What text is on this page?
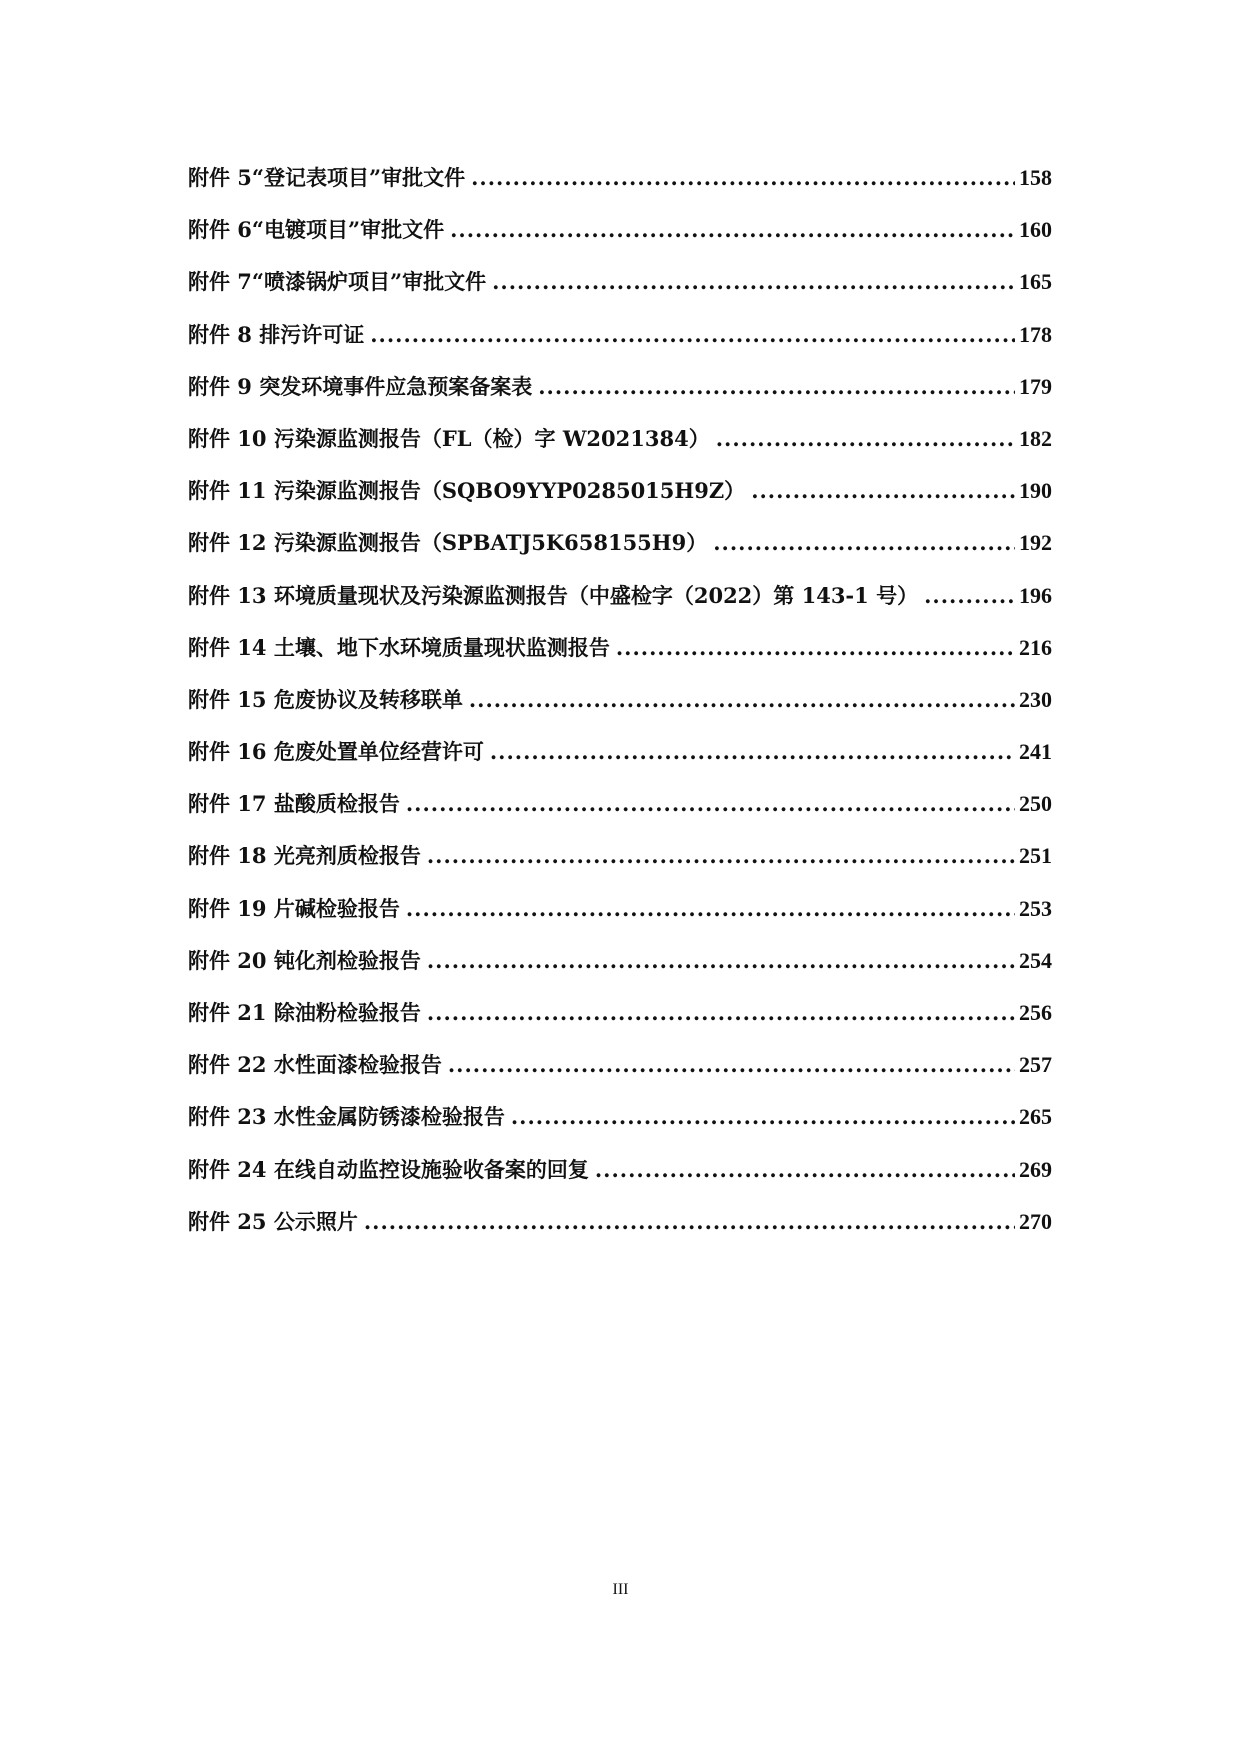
附件 5“登记表项目”审批文件 .....	158
附件 6“电镀项目”审批文件 .....	160
附件 7“喷漆锅炉项目”审批文件 .....	165
附件 8 排污许可证 .....	178
附件 9 突发环境事件应急预案备案表 .....	179
附件 10 污染源监测报告（FL（检）字 W2021384） .....	182
附件 11 污染源监测报告（SQBO9YYP0285015H9Z） .....	190
附件 12 污染源监测报告（SPBATJ5K658155H9） .....	192
附件 13 环境质量现状及污染源监测报告（中盛检字（2022）第 143-1 号） .....	196
附件 14 土壤、地下水环境质量现状监测报告 .....	216
附件 15 危废协议及转移联单 .....	230
附件 16 危废处置单位经营许可 .....	241
附件 17 盐酸质检报告 .....	250
附件 18 光亮剂质检报告 .....	251
附件 19 片碱检验报告 .....	253
附件 20 钝化剂检验报告 .....	254
附件 21 除油粉检验报告 .....	256
附件 22 水性面漆检验报告 .....	257
附件 23 水性金属防锈漆检验报告 .....	265
附件 24 在线自动监控设施验收备案的回复 .....	269
附件 25 公示照片 .....	270
III
